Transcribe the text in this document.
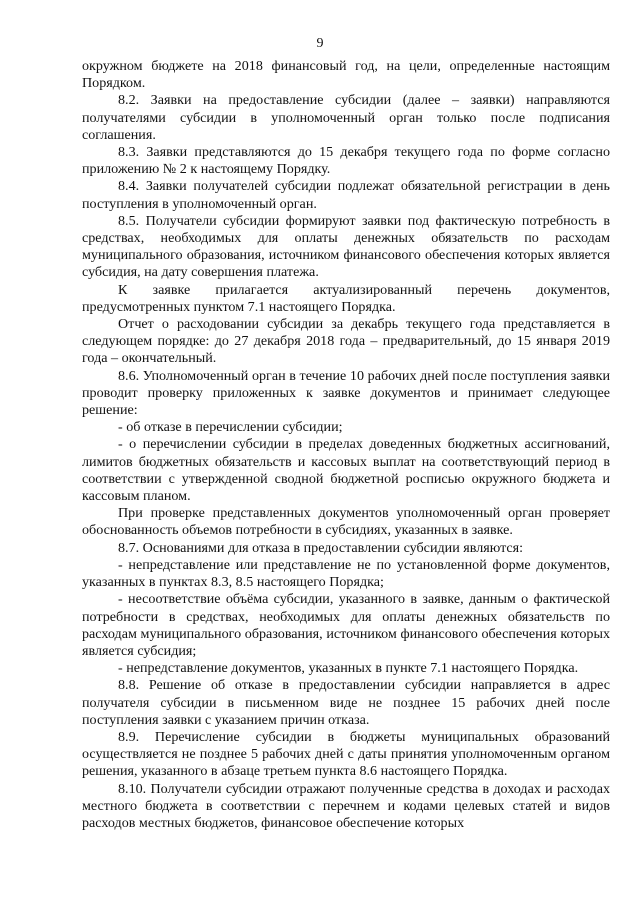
9

окружном бюджете на 2018 финансовый год, на цели, определенные настоящим Порядком.

8.2. Заявки на предоставление субсидии (далее – заявки) направляются получателями субсидии в уполномоченный орган только после подписания соглашения.

8.3. Заявки представляются до 15 декабря текущего года по форме согласно приложению № 2 к настоящему Порядку.

8.4. Заявки получателей субсидии подлежат обязательной регистрации в день поступления в уполномоченный орган.

8.5. Получатели субсидии формируют заявки под фактическую потребность в средствах, необходимых для оплаты денежных обязательств по расходам муниципального образования, источником финансового обеспечения которых является субсидия, на дату совершения платежа.

К заявке прилагается актуализированный перечень документов, предусмотренных пунктом 7.1 настоящего Порядка.

Отчет о расходовании субсидии за декабрь текущего года представляется в следующем порядке: до 27 декабря 2018 года – предварительный, до 15 января 2019 года – окончательный.

8.6. Уполномоченный орган в течение 10 рабочих дней после поступления заявки проводит проверку приложенных к заявке документов и принимает следующее решение:

- об отказе в перечислении субсидии;

- о перечислении субсидии в пределах доведенных бюджетных ассигнований, лимитов бюджетных обязательств и кассовых выплат на соответствующий период в соответствии с утвержденной сводной бюджетной росписью окружного бюджета и кассовым планом.

При проверке представленных документов уполномоченный орган проверяет обоснованность объемов потребности в субсидиях, указанных в заявке.

8.7. Основаниями для отказа в предоставлении субсидии являются:

- непредставление или представление не по установленной форме документов, указанных в пунктах 8.3, 8.5 настоящего Порядка;

- несоответствие объёма субсидии, указанного в заявке, данным о фактической потребности в средствах, необходимых для оплаты денежных обязательств по расходам муниципального образования, источником финансового обеспечения которых является субсидия;

- непредставление документов, указанных в пункте 7.1 настоящего Порядка.

8.8. Решение об отказе в предоставлении субсидии направляется в адрес получателя субсидии в письменном виде не позднее 15 рабочих дней после поступления заявки с указанием причин отказа.

8.9. Перечисление субсидии в бюджеты муниципальных образований осуществляется не позднее 5 рабочих дней с даты принятия уполномоченным органом решения, указанного в абзаце третьем пункта 8.6 настоящего Порядка.

8.10. Получатели субсидии отражают полученные средства в доходах и расходах местного бюджета в соответствии с перечнем и кодами целевых статей и видов расходов местных бюджетов, финансовое обеспечение которых
